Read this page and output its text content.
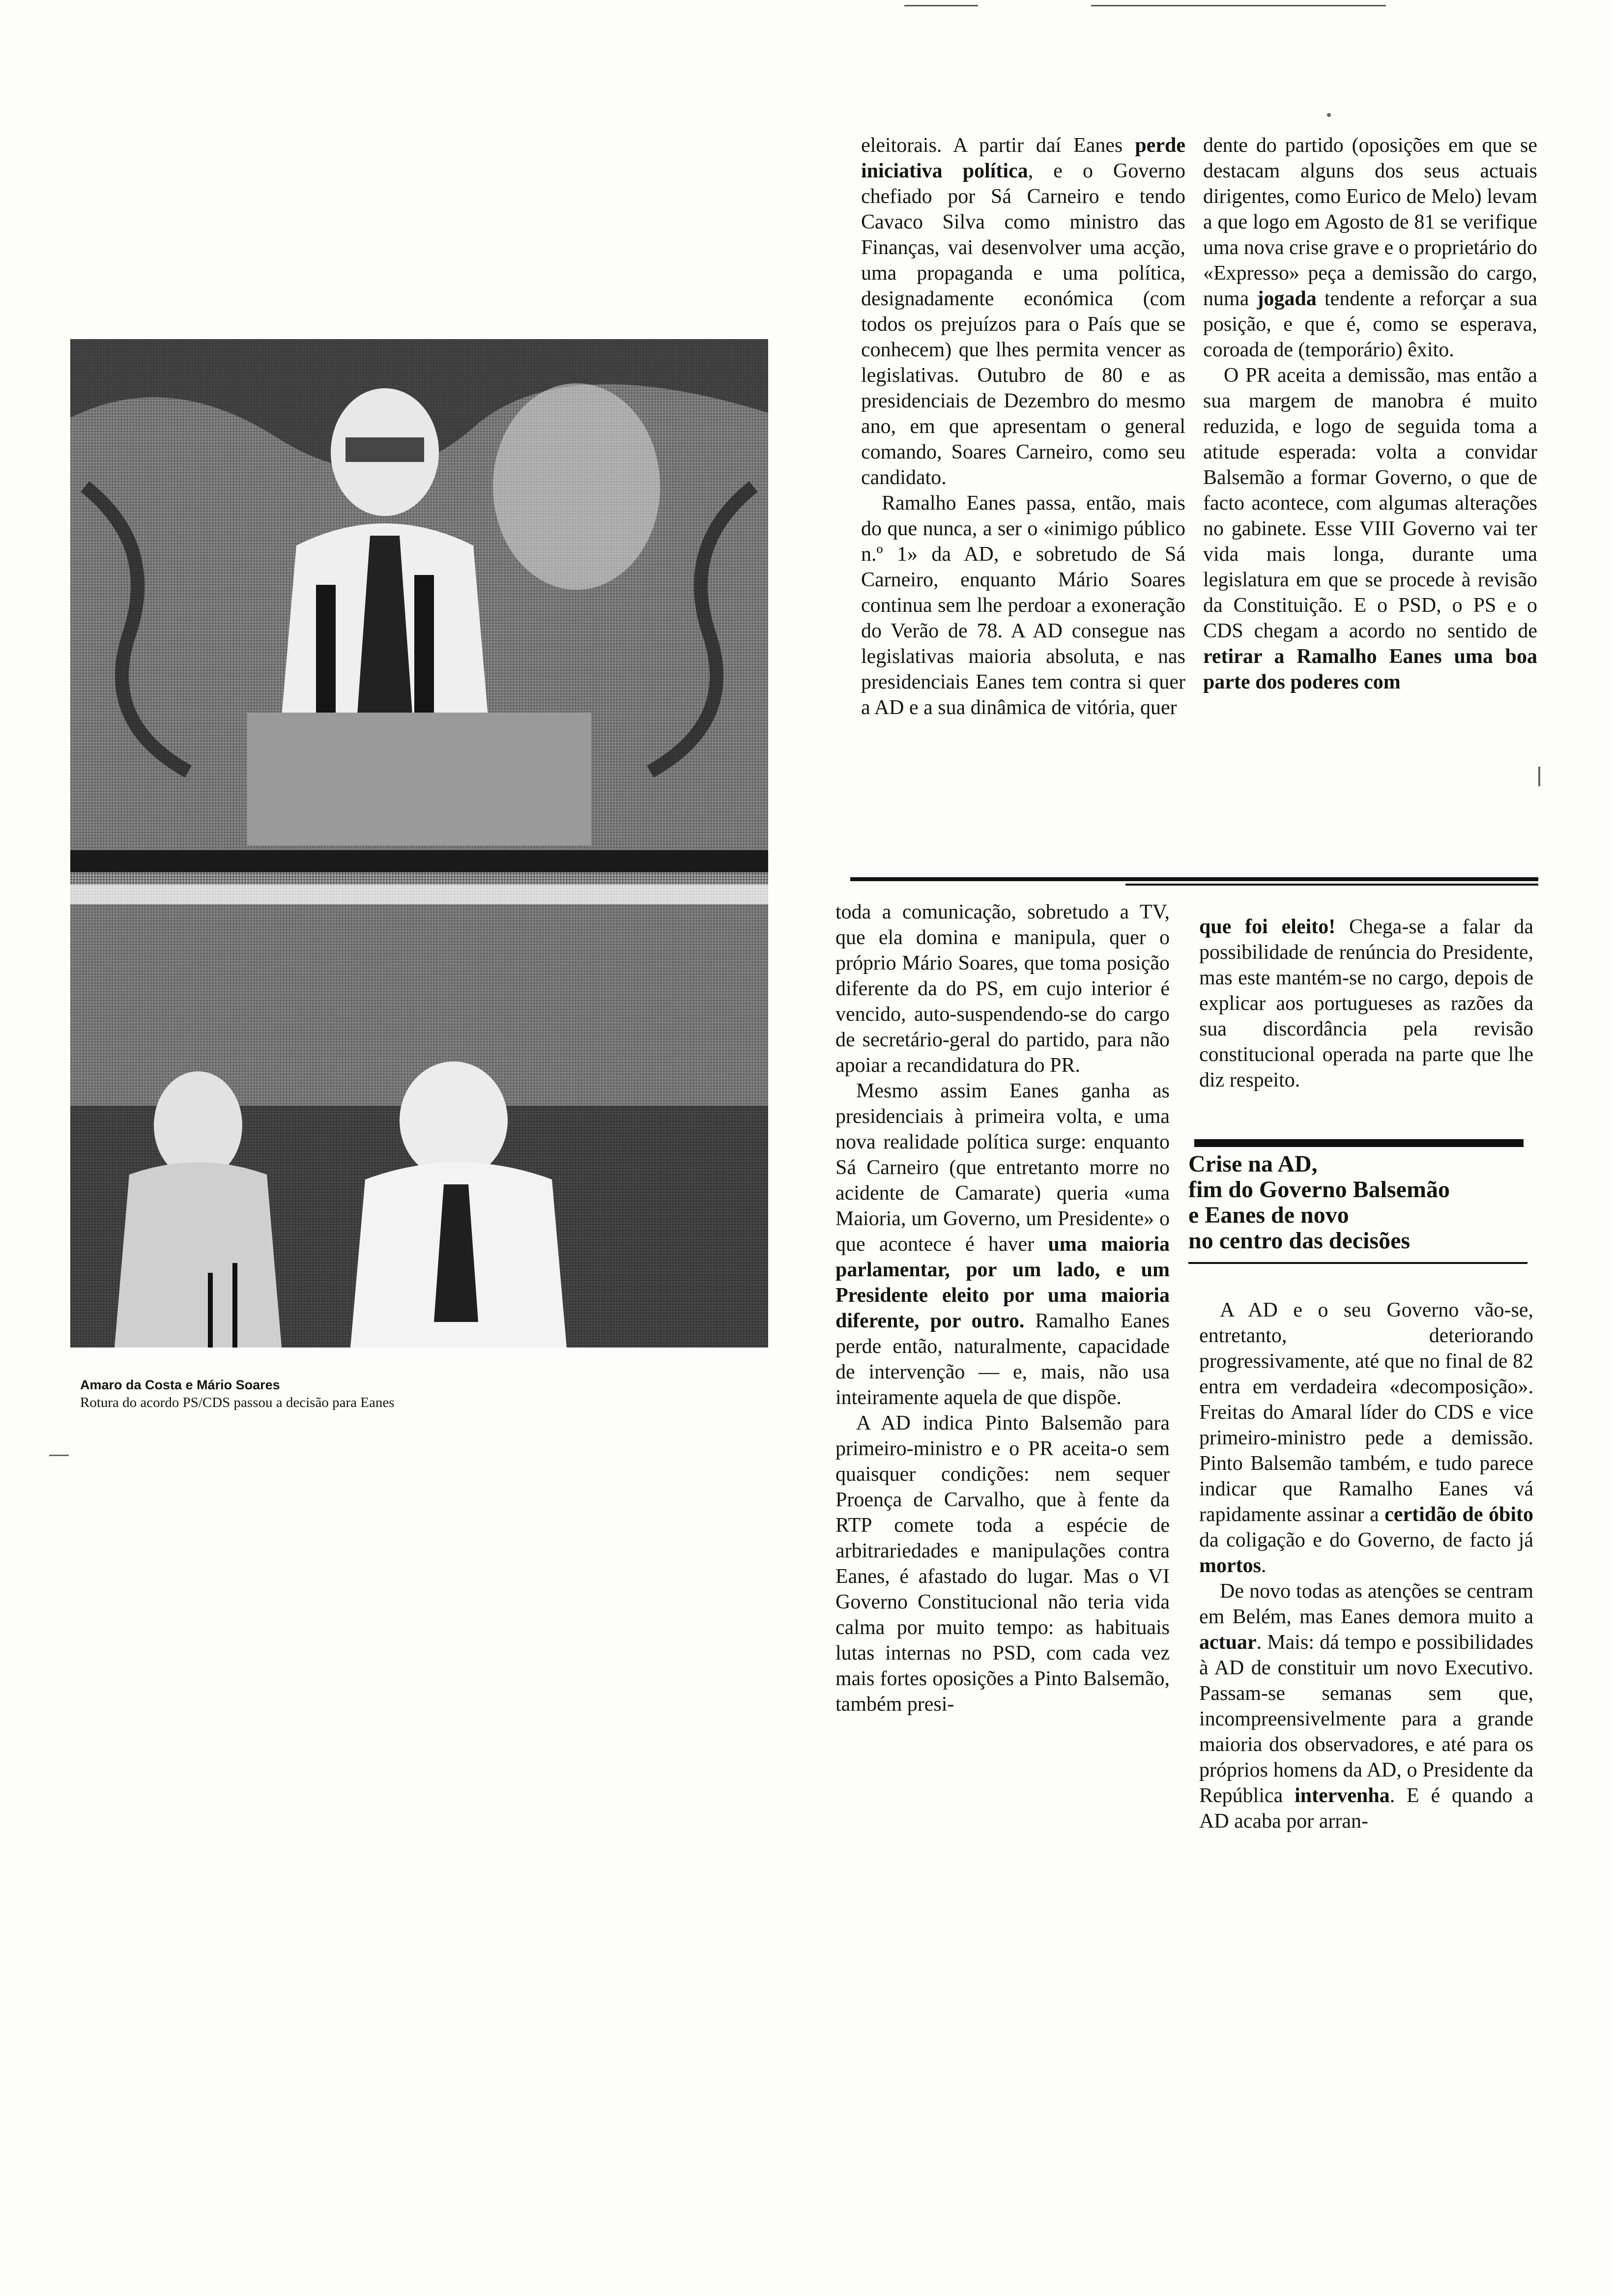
Amaro da Costa e Mário Soares
Rotura do acordo PS/CDS passou a decisão para Eanes

eleitorais. A partir daí Eanes perde iniciativa política, e o Governo chefiado por Sá Carneiro e tendo Cavaco Silva como ministro das Finanças, vai desenvolver uma acção, uma propaganda e uma política, designadamente económica (com todos os prejuízos para o País que se conhecem) que lhes permita vencer as legislativas. Outubro de 80 e as presidenciais de Dezembro do mesmo ano, em que apresentam o general comando, Soares Carneiro, como seu candidato.

Ramalho Eanes passa, então, mais do que nunca, a ser o «inimigo público n.º 1» da AD, e sobretudo de Sá Carneiro, enquanto Mário Soares continua sem lhe perdoar a exoneração do Verão de 78. A AD consegue nas legislativas maioria absoluta, e nas presidenciais Eanes tem contra si quer a AD e a sua dinâmica de vitória, quer

dente do partido (oposições em que se destacam alguns dos seus actuais dirigentes, como Eurico de Melo) levam a que logo em Agosto de 81 se verifique uma nova crise grave e o proprietário do «Expresso» peça a demissão do cargo, numa jogada tendente a reforçar a sua posição, e que é, como se esperava, coroada de (temporário) êxito.

O PR aceita a demissão, mas então a sua margem de manobra é muito reduzida, e logo de seguida toma a atitude esperada: volta a convidar Balsemão a formar Governo, o que de facto acontece, com algumas alterações no gabinete. Esse VIII Governo vai ter vida mais longa, durante uma legislatura em que se procede à revisão da Constituição. E o PSD, o PS e o CDS chegam a acordo no sentido de retirar a Ramalho Eanes uma boa parte dos poderes com

toda a comunicação, sobretudo a TV, que ela domina e manipula, quer o próprio Mário Soares, que toma posição diferente da do PS, em cujo interior é vencido, auto-suspendendo-se do cargo de secretário-geral do partido, para não apoiar a recandidatura do PR.

Mesmo assim Eanes ganha as presidenciais à primeira volta, e uma nova realidade política surge: enquanto Sá Carneiro (que entretanto morre no acidente de Camarate) queria «uma Maioria, um Governo, um Presidente» o que acontece é haver uma maioria parlamentar, por um lado, e um Presidente eleito por uma maioria diferente, por outro. Ramalho Eanes perde então, naturalmente, capacidade de intervenção — e, mais, não usa inteiramente aquela de que dispõe.

A AD indica Pinto Balsemão para primeiro-ministro e o PR aceita-o sem quaisquer condições: nem sequer Proença de Carvalho, que à fente da RTP comete toda a espécie de arbitrariedades e manipulações contra Eanes, é afastado do lugar. Mas o VI Governo Constitucional não teria vida calma por muito tempo: as habituais lutas internas no PSD, com cada vez mais fortes oposições a Pinto Balsemão, também presi-

que foi eleito! Chega-se a falar da possibilidade de renúncia do Presidente, mas este mantém-se no cargo, depois de explicar aos portugueses as razões da sua discordância pela revisão constitucional operada na parte que lhe diz respeito.

Crise na AD,
fim do Governo Balsemão
e Eanes de novo
no centro das decisões

A AD e o seu Governo vão-se, entretanto, deteriorando progressivamente, até que no final de 82 entra em verdadeira «decomposição». Freitas do Amaral líder do CDS e vice primeiro-ministro pede a demissão. Pinto Balsemão também, e tudo parece indicar que Ramalho Eanes vá rapidamente assinar a certidão de óbito da coligação e do Governo, de facto já mortos.

De novo todas as atenções se centram em Belém, mas Eanes demora muito a actuar. Mais: dá tempo e possibilidades à AD de constituir um novo Executivo. Passam-se semanas sem que, incompreensivelmente para a grande maioria dos observadores, e até para os próprios homens da AD, o Presidente da República intervenha. E é quando a AD acaba por arran-
